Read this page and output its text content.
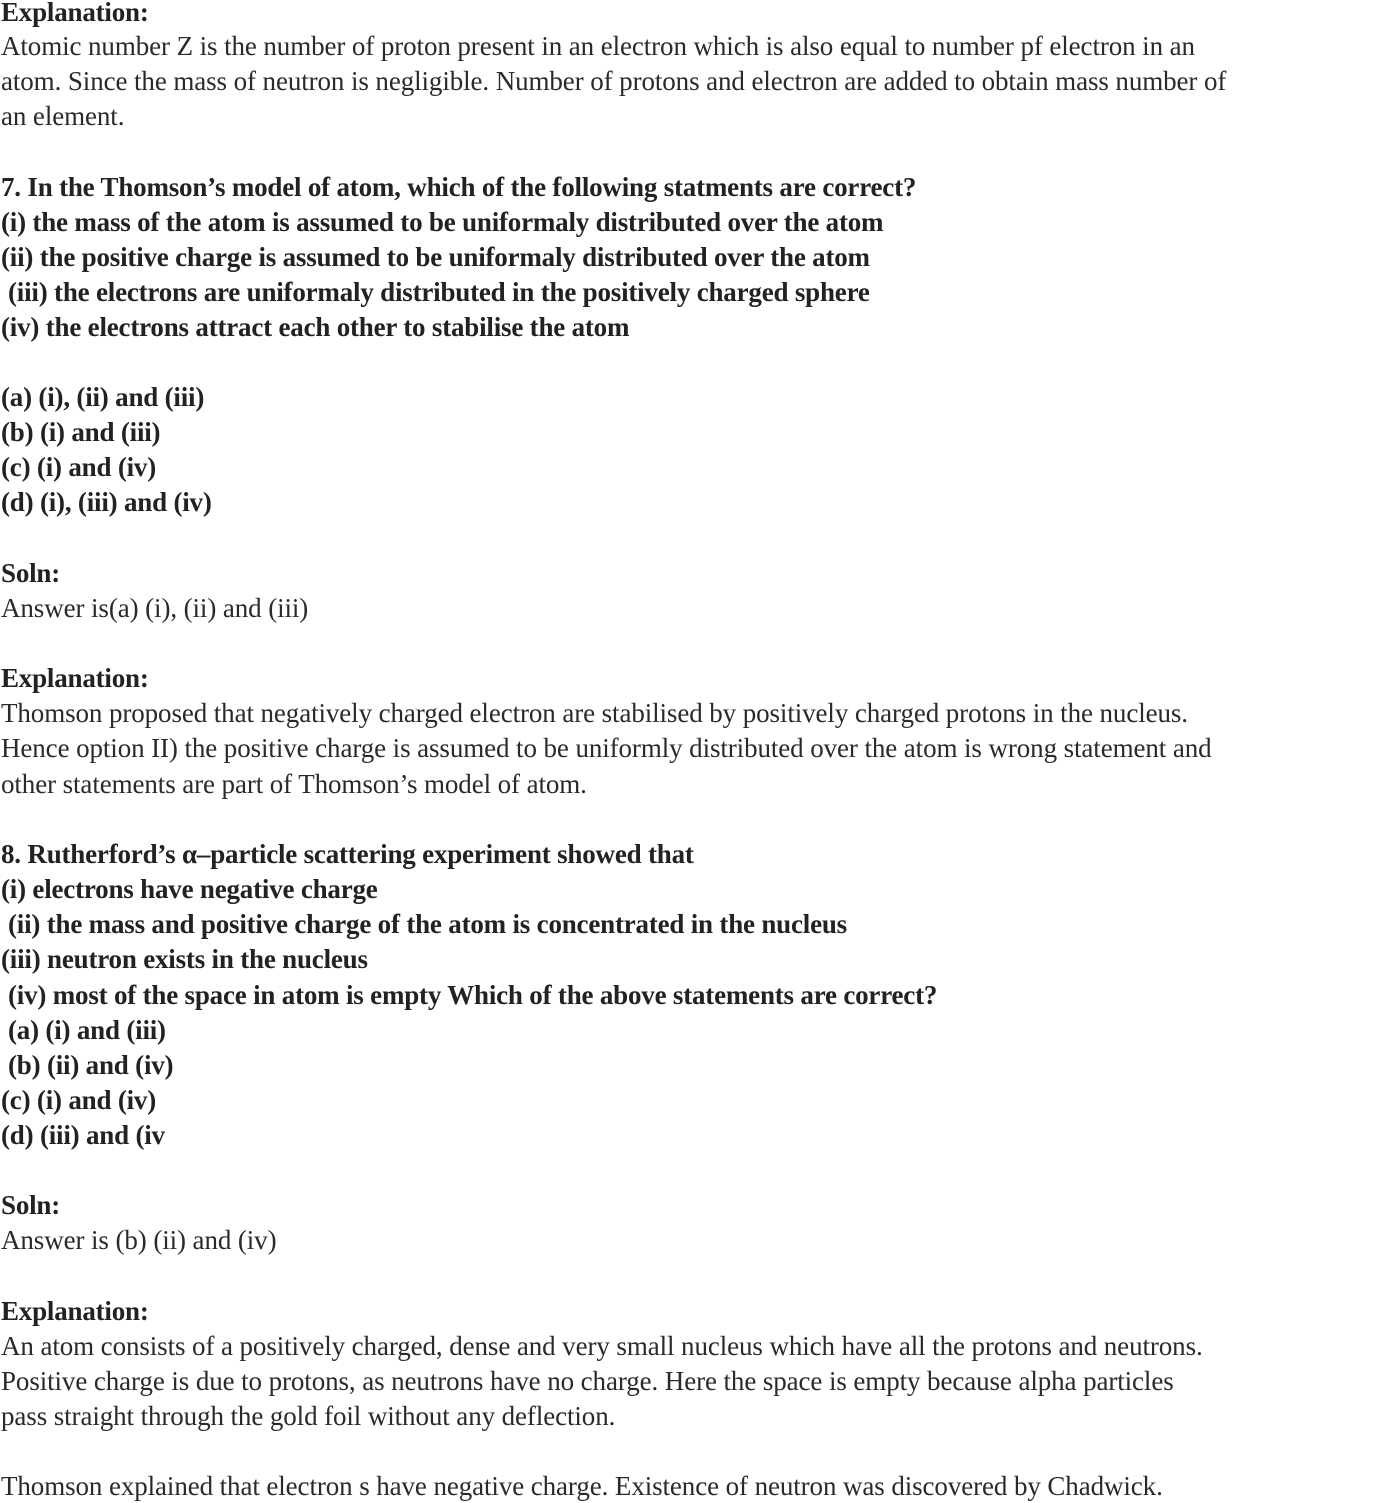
Explanation:
Atomic number Z is the number of proton present in an electron which is also equal to number pf electron in an
atom. Since the mass of neutron is negligible. Number of protons and electron are added to obtain mass number of
an element.
7. In the Thomson’s model of atom, which of the following statments are correct?
(i) the mass of the atom is assumed to be uniformaly distributed over the atom
(ii) the positive charge is assumed to be uniformaly distributed over the atom
(iii) the electrons are uniformaly distributed in the positively charged sphere
(iv) the electrons attract each other to stabilise the atom
(a) (i), (ii) and (iii)
(b) (i) and (iii)
(c) (i) and (iv)
(d) (i), (iii) and (iv)
Soln:
Answer is(a) (i), (ii) and (iii)
Explanation:
Thomson proposed that negatively charged electron are stabilised by positively charged protons in the nucleus.
Hence option II) the positive charge is assumed to be uniformly distributed over the atom is wrong statement and
other statements are part of Thomson’s model of atom.
8. Rutherford’s α–particle scattering experiment showed that
(i) electrons have negative charge
(ii) the mass and positive charge of the atom is concentrated in the nucleus
(iii) neutron exists in the nucleus
(iv) most of the space in atom is empty Which of the above statements are correct?
(a) (i) and (iii)
(b) (ii) and (iv)
(c) (i) and (iv)
(d) (iii) and (iv
Soln:
Answer is (b) (ii) and (iv)
Explanation:
An atom consists of a positively charged, dense and very small nucleus which have all the protons and neutrons.
Positive charge is due to protons, as neutrons have no charge. Here the space is empty because alpha particles
pass straight through the gold foil without any deflection.
Thomson explained that electron s have negative charge. Existence of neutron was discovered by Chadwick.
